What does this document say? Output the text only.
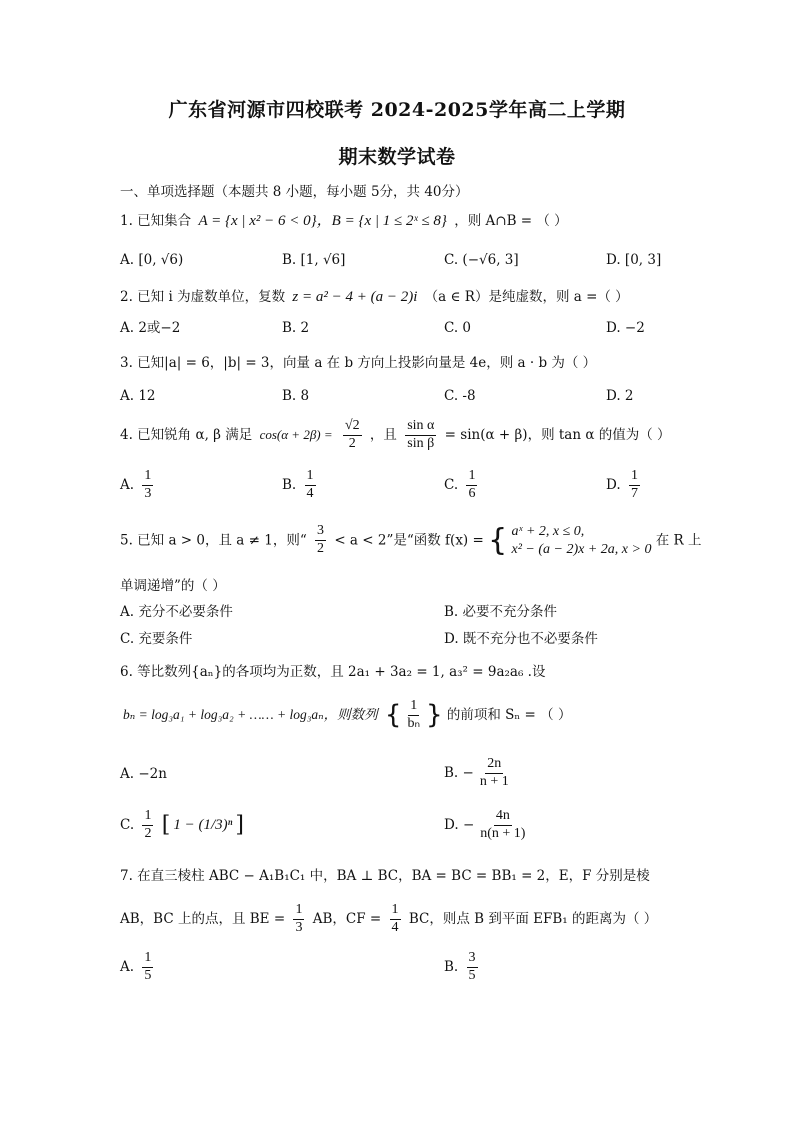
广东省河源市四校联考 2024-2025学年高二上学期
期末数学试卷
一、单项选择题（本题共 8 小题，每小题 5分，共 40分）
1. 已知集合 A = {x | x² − 6 < 0}，B = {x | 1 ≤ 2ˣ ≤ 8} ，则 A∩B = （ ）
A. [0, √6)	B. [1, √6]	C. (−√6, 3]	D. [0, 3]
2. 已知 i 为虚数单位，复数 z = a² − 4 + (a − 2)i （a ∈ R）是纯虚数，则 a =（ ）
A. 2或−2	B. 2	C. 0	D. −2
3. 已知|a| = 6，|b| = 3，向量 a 在 b 方向上投影向量是 4e，则 a · b 为（ ）
A. 12	B. 8	C. -8	D. 2
4. 已知锐角 α, β 满足 $\cos(\alpha + 2\beta) = \frac{√2}{2}$ ，且 $\frac{\text{sin α}}{\text{sin β}} = \sin(\alpha + \beta)$，则 tan α 的值为（ ）
A. $\frac{1}{3}$	B. $\frac{1}{4}$	C. $\frac{1}{6}$	D. $\frac{1}{7}$
5. 已知 a > 0，且 a ≠ 1，则“ $\frac{3}{2} < a < 2$”是“函数 f(x) = { aˣ + 2, x ≤ 0,
x² − (a − 2)x + 2a, x > 0
在 R 上
单调递增”的（ ）
A. 充分不必要条件	B. 必要不充分条件
C. 充要条件	D. 既不充分也不必要条件
6. 等比数列{aₙ}的各项均为正数，且 2a₁ + 3a₂ = 1, a₃² = 9a₂a₆ .设
bₙ = log₃a₁ + log₃a₂ + …… + log₃aₙ，则数列 { $\frac{1}{\text{bₙ}}$ } 的前项和 Sₙ = （ ）
A. −2n	B. − $\frac{2n}{n + 1}$
C. $\frac{1}{2}$ [ 1 − (1/3)ⁿ ]	D. − $\frac{4n}{n(n + 1)}$
7. 在直三棱柱 ABC − A₁B₁C₁ 中，BA ⊥ BC，BA = BC = BB₁ = 2，E，F 分别是棱
AB，BC 上的点，且 BE = $\frac{1}{3}$ AB，CF = $\frac{1}{4}$ BC，则点 B 到平面 EFB₁ 的距离为（ ）
A. $\frac{1}{5}$	B. $\frac{3}{5}$
